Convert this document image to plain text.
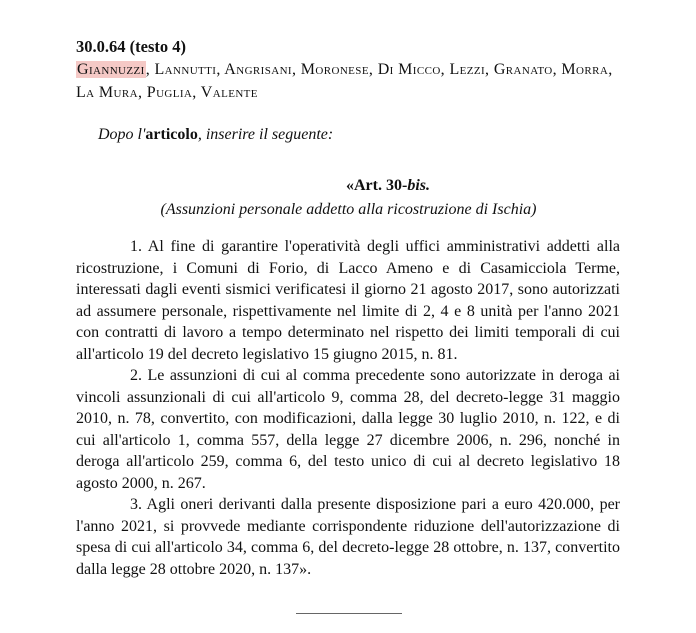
30.0.64 (testo 4)
Giannuzzi, Lannutti, Angrisani, Moronese, Di Micco, Lezzi, Granato, Morra, La Mura, Puglia, Valente
Dopo l'articolo, inserire il seguente:
«Art. 30-bis.
(Assunzioni personale addetto alla ricostruzione di Ischia)

1. Al fine di garantire l'operatività degli uffici amministrativi addetti alla ricostruzione, i Comuni di Forio, di Lacco Ameno e di Casamicciola Terme, interessati dagli eventi sismici verificatesi il giorno 21 agosto 2017, sono autorizzati ad assumere personale, rispettivamente nel limite di 2, 4 e 8 unità per l'anno 2021 con contratti di lavoro a tempo determinato nel rispetto dei limiti temporali di cui all'articolo 19 del decreto legislativo 15 giugno 2015, n. 81.

2. Le assunzioni di cui al comma precedente sono autorizzate in deroga ai vincoli assunzionali di cui all'articolo 9, comma 28, del decreto-legge 31 maggio 2010, n. 78, convertito, con modificazioni, dalla legge 30 luglio 2010, n. 122, e di cui all'articolo 1, comma 557, della legge 27 dicembre 2006, n. 296, nonché in deroga all'articolo 259, comma 6, del testo unico di cui al decreto legislativo 18 agosto 2000, n. 267.

3. Agli oneri derivanti dalla presente disposizione pari a euro 420.000, per l'anno 2021, si provvede mediante corrispondente riduzione dell'autorizzazione di spesa di cui all'articolo 34, comma 6, del decreto-legge 28 ottobre, n. 137, convertito dalla legge 28 ottobre 2020, n. 137».
